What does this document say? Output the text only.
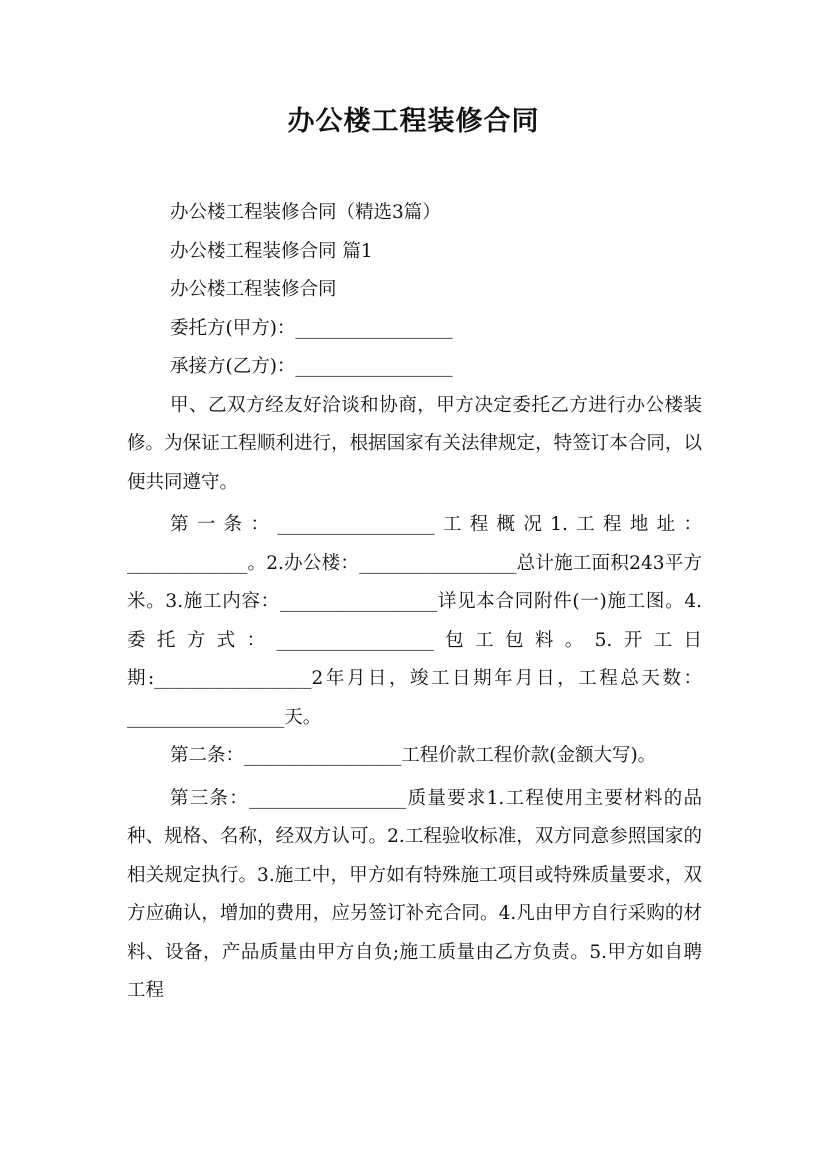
办公楼工程装修合同

办公楼工程装修合同（精选3篇）

办公楼工程装修合同 篇1

办公楼工程装修合同

委托方(甲方)：_________________

承接方(乙方)：_________________

甲、乙双方经友好洽谈和协商，甲方决定委托乙方进行办公楼装修。为保证工程顺利进行，根据国家有关法律规定，特签订本合同，以便共同遵守。

第一条：_________________工程概况1.工程地址：_____________。2.办公楼：_________________总计施工面积243平方米。3.施工内容：_________________详见本合同附件(一)施工图。4.委托方式：_________________包工包料。5.开工日期:_________________2年月日，竣工日期年月日，工程总天数：_________________天。

第二条：_________________工程价款工程价款(金额大写)。

第三条：_________________质量要求1.工程使用主要材料的品种、规格、名称，经双方认可。2.工程验收标准，双方同意参照国家的相关规定执行。3.施工中，甲方如有特殊施工项目或特殊质量要求，双方应确认，增加的费用，应另签订补充合同。4.凡由甲方自行采购的材料、设备，产品质量由甲方自负;施工质量由乙方负责。5.甲方如自聘工程
